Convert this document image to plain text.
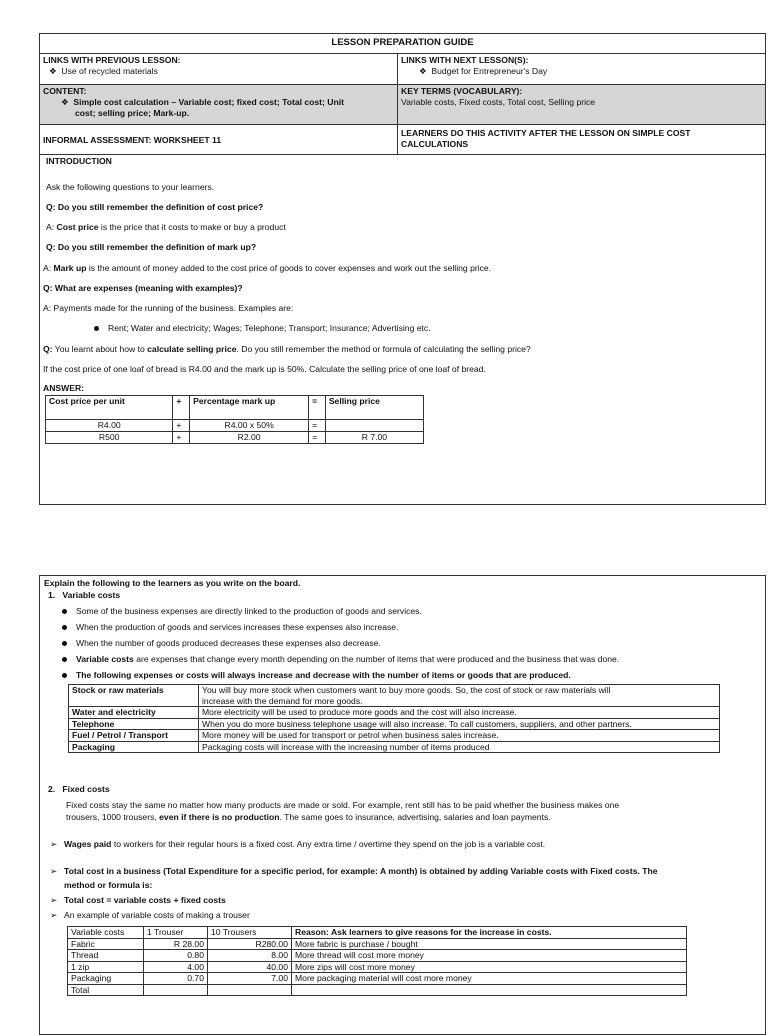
LESSON PREPARATION GUIDE
LINKS WITH PREVIOUS LESSON:
❖ Use of recycled materials
LINKS WITH NEXT LESSON(S):
❖ Budget for Entrepreneur's Day
CONTENT:
❖ Simple cost calculation – Variable cost; fixed cost; Total cost; Unit
cost; selling price; Mark-up.
KEY TERMS (VOCABULARY):
Variable costs, Fixed costs, Total cost, Selling price
INFORMAL ASSESSMENT: WORKSHEET 11
LEARNERS DO THIS ACTIVITY AFTER THE LESSON ON SIMPLE COST
CALCULATIONS
INTRODUCTION
Ask the following questions to your learners.
Q: Do you still remember the definition of cost price?
A: Cost price is the price that it costs to make or buy a product
Q: Do you still remember the definition of mark up?
A: Mark up is the amount of money added to the cost price of goods to cover expenses and work out the selling price.
Q: What are expenses (meaning with examples)?
A: Payments made for the running of the business. Examples are:
Rent; Water and electricity; Wages; Telephone; Transport; Insurance; Advertising etc.
Q: You learnt about how to calculate selling price. Do you still remember the method or formula of calculating the selling price?
If the cost price of one loaf of bread is R4.00 and the mark up is 50%. Calculate the selling price of one loaf of bread.
ANSWER:
Cost price per unit	+	Percentage mark up	=	Selling price
R4.00	+	R4.00 x 50%	=	
R500	+	R2.00	=	R 7.00
Explain the following to the learners as you write on the board.
1. Variable costs
Some of the business expenses are directly linked to the production of goods and services.
When the production of goods and services increases these expenses also increase.
When the number of goods produced decreases these expenses also decrease.
Variable costs are expenses that change every month depending on the number of items that were produced and the business that was done.
The following expenses or costs will always increase and decrease with the number of items or goods that are produced.
Stock or raw materials	You will buy more stock when customers want to buy more goods. So, the cost of stock or raw materials will
increase with the demand for more goods.

Water and electricity	More electricity will be used to produce more goods and the cost will also increase.
Telephone	When you do more business telephone usage will also increase. To call customers, suppliers, and other partners.
Fuel / Petrol / Transport	More money will be used for transport or petrol when business sales increase.
Packaging	Packaging costs will increase with the increasing number of items produced
2. Fixed costs
Fixed costs stay the same no matter how many products are made or sold. For example, rent still has to be paid whether the business makes one
trousers, 1000 trousers, even if there is no production. The same goes to insurance, advertising, salaries and loan payments.
➢ Wages paid to workers for their regular hours is a fixed cost. Any extra time / overtime they spend on the job is a variable cost.
➢ Total cost in a business (Total Expenditure for a specific period, for example: A month) is obtained by adding Variable costs with Fixed costs. The
method or formula is:
➢ Total cost = variable costs + fixed costs
➢ An example of variable costs of making a trouser
Variable costs	1 Trouser	10 Trousers	Reason: Ask learners to give reasons for the increase in costs.
Fabric	R 28.00	R280.00	More fabric is purchase / bought
Thread	0.80	8.00	More thread will cost more money
1 zip	4.00	40.00	More zips will cost more money
Packaging	0.70	7.00	More packaging material will cost more money
Total			
